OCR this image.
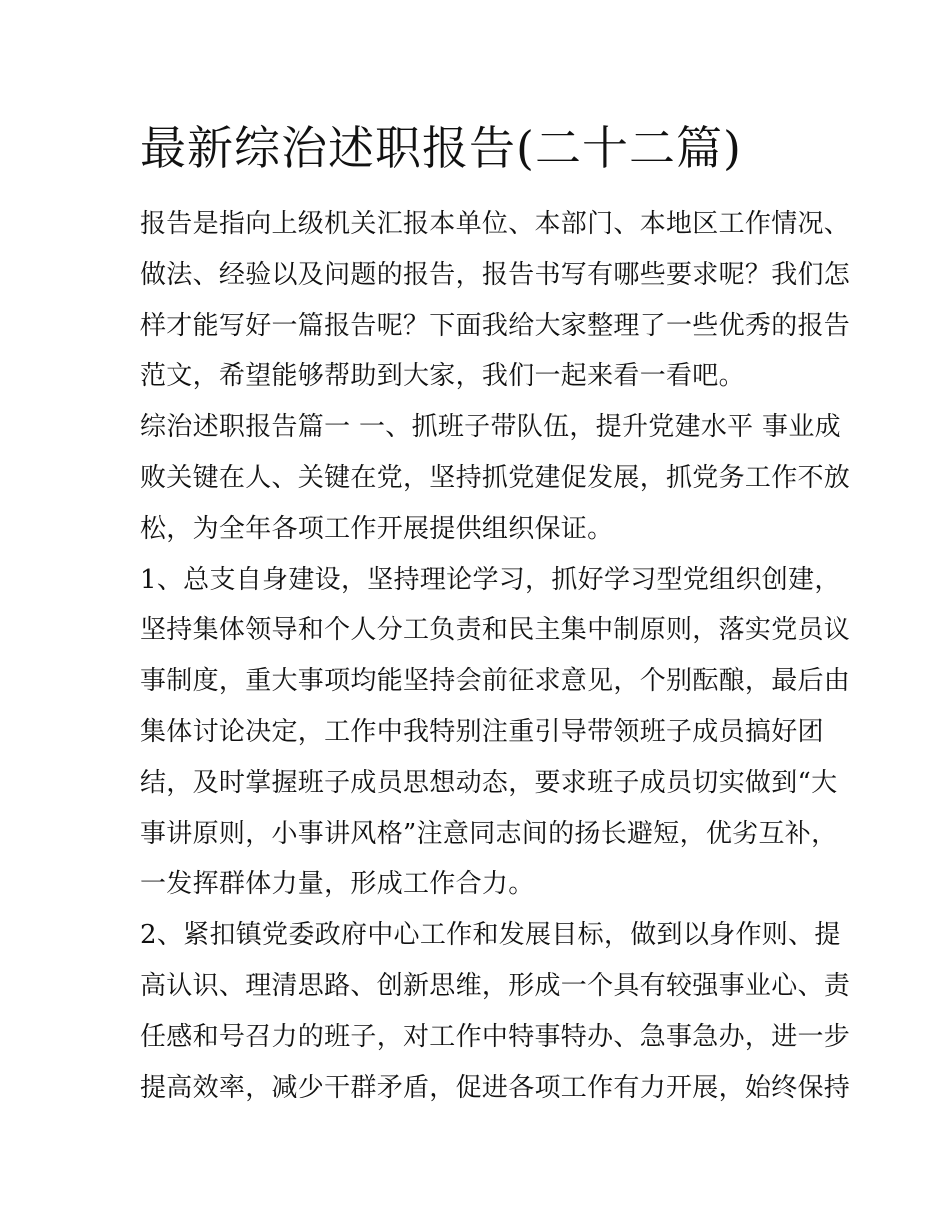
最新综治述职报告(二十二篇)
报告是指向上级机关汇报本单位、本部门、本地区工作情况、
做法、经验以及问题的报告，报告书写有哪些要求呢？我们怎
样才能写好一篇报告呢？下面我给大家整理了一些优秀的报告
范文，希望能够帮助到大家，我们一起来看一看吧。
综治述职报告篇一 一、抓班子带队伍，提升党建水平 事业成
败关键在人、关键在党，坚持抓党建促发展，抓党务工作不放
松，为全年各项工作开展提供组织保证。
1、总支自身建设，坚持理论学习，抓好学习型党组织创建，
坚持集体领导和个人分工负责和民主集中制原则，落实党员议
事制度，重大事项均能坚持会前征求意见，个别酝酿，最后由
集体讨论决定，工作中我特别注重引导带领班子成员搞好团
结，及时掌握班子成员思想动态，要求班子成员切实做到“大
事讲原则，小事讲风格”注意同志间的扬长避短，优劣互补，
一发挥群体力量，形成工作合力。
2、紧扣镇党委政府中心工作和发展目标，做到以身作则、提
高认识、理清思路、创新思维，形成一个具有较强事业心、责
任感和号召力的班子，对工作中特事特办、急事急办，进一步
提高效率，减少干群矛盾，促进各项工作有力开展，始终保持
